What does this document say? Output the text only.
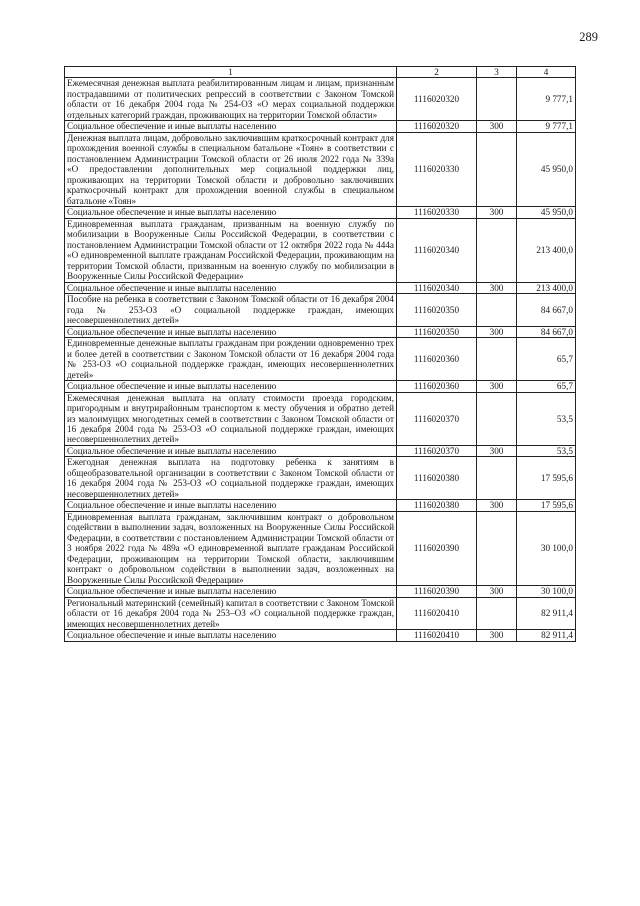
289
1	2	3	4
Ежемесячная денежная выплата реабилитированным лицам и лицам, признанным пострадавшими от политических репрессий в соответствии с Законом Томской области от 16 декабря 2004 года № 254-ОЗ «О мерах социальной поддержки отдельных категорий граждан, проживающих на территории Томской области»	1116020320		9 777,1
Социальное обеспечение и иные выплаты населению	1116020320	300	9 777,1
Денежная выплата лицам, добровольно заключившим краткосрочный контракт для прохождения военной службы в специальном батальоне «Тоян» в соответствии с постановлением Администрации Томской области от 26 июля 2022 года № 339а «О предоставлении дополнительных мер социальной поддержки лиц, проживающих на территории Томской области и добровольно заключивших краткосрочный контракт для прохождения военной службы в специальном батальоне «Тоян»	1116020330		45 950,0
Социальное обеспечение и иные выплаты населению	1116020330	300	45 950,0
Единовременная выплата гражданам, призванным на военную службу по мобилизации в Вооруженные Силы Российской Федерации, в соответствии с постановлением Администрации Томской области от 12 октября 2022 года № 444а «О единовременной выплате гражданам Российской Федерации, проживающим на территории Томской области, призванным на военную службу по мобилизации в Вооруженные Силы Российской Федерации»	1116020340		213 400,0
Социальное обеспечение и иные выплаты населению	1116020340	300	213 400,0
Пособие на ребенка в соответствии с Законом Томской области от 16 декабря 2004 года № 253-ОЗ «О социальной поддержке граждан, имеющих несовершеннолетних детей»	1116020350		84 667,0
Социальное обеспечение и иные выплаты населению	1116020350	300	84 667,0
Единовременные денежные выплаты гражданам при рождении одновременно трех и более детей в соответствии с Законом Томской области от 16 декабря 2004 года № 253-ОЗ «О социальной поддержке граждан, имеющих несовершеннолетних детей»	1116020360		65,7
Социальное обеспечение и иные выплаты населению	1116020360	300	65,7
Ежемесячная денежная выплата на оплату стоимости проезда городским, пригородным и внутрирайонным транспортом к месту обучения и обратно детей из малоимущих многодетных семей в соответствии с Законом Томской области от 16 декабря 2004 года № 253-ОЗ «О социальной поддержке граждан, имеющих несовершеннолетних детей»	1116020370		53,5
Социальное обеспечение и иные выплаты населению	1116020370	300	53,5
Ежегодная денежная выплата на подготовку ребенка к занятиям в общеобразовательной организации в соответствии с Законом Томской области от 16 декабря 2004 года № 253-ОЗ «О социальной поддержке граждан, имеющих несовершеннолетних детей»	1116020380		17 595,6
Социальное обеспечение и иные выплаты населению	1116020380	300	17 595,6
Единовременная выплата гражданам, заключившим контракт о добровольном содействии в выполнении задач, возложенных на Вооруженные Силы Российской Федерации, в соответствии с постановлением Администрации Томской области от 3 ноября 2022 года № 489а «О единовременной выплате гражданам Российской Федерации, проживающим на территории Томской области, заключившим контракт о добровольном содействии в выполнении задач, возложенных на Вооруженные Силы Российской Федерации»	1116020390		30 100,0
Социальное обеспечение и иные выплаты населению	1116020390	300	30 100,0
Региональный материнский (семейный) капитал в соответствии с Законом Томской области от 16 декабря 2004 года № 253–ОЗ «О социальной поддержке граждан, имеющих несовершеннолетних детей»	1116020410		82 911,4
Социальное обеспечение и иные выплаты населению	1116020410	300	82 911,4
